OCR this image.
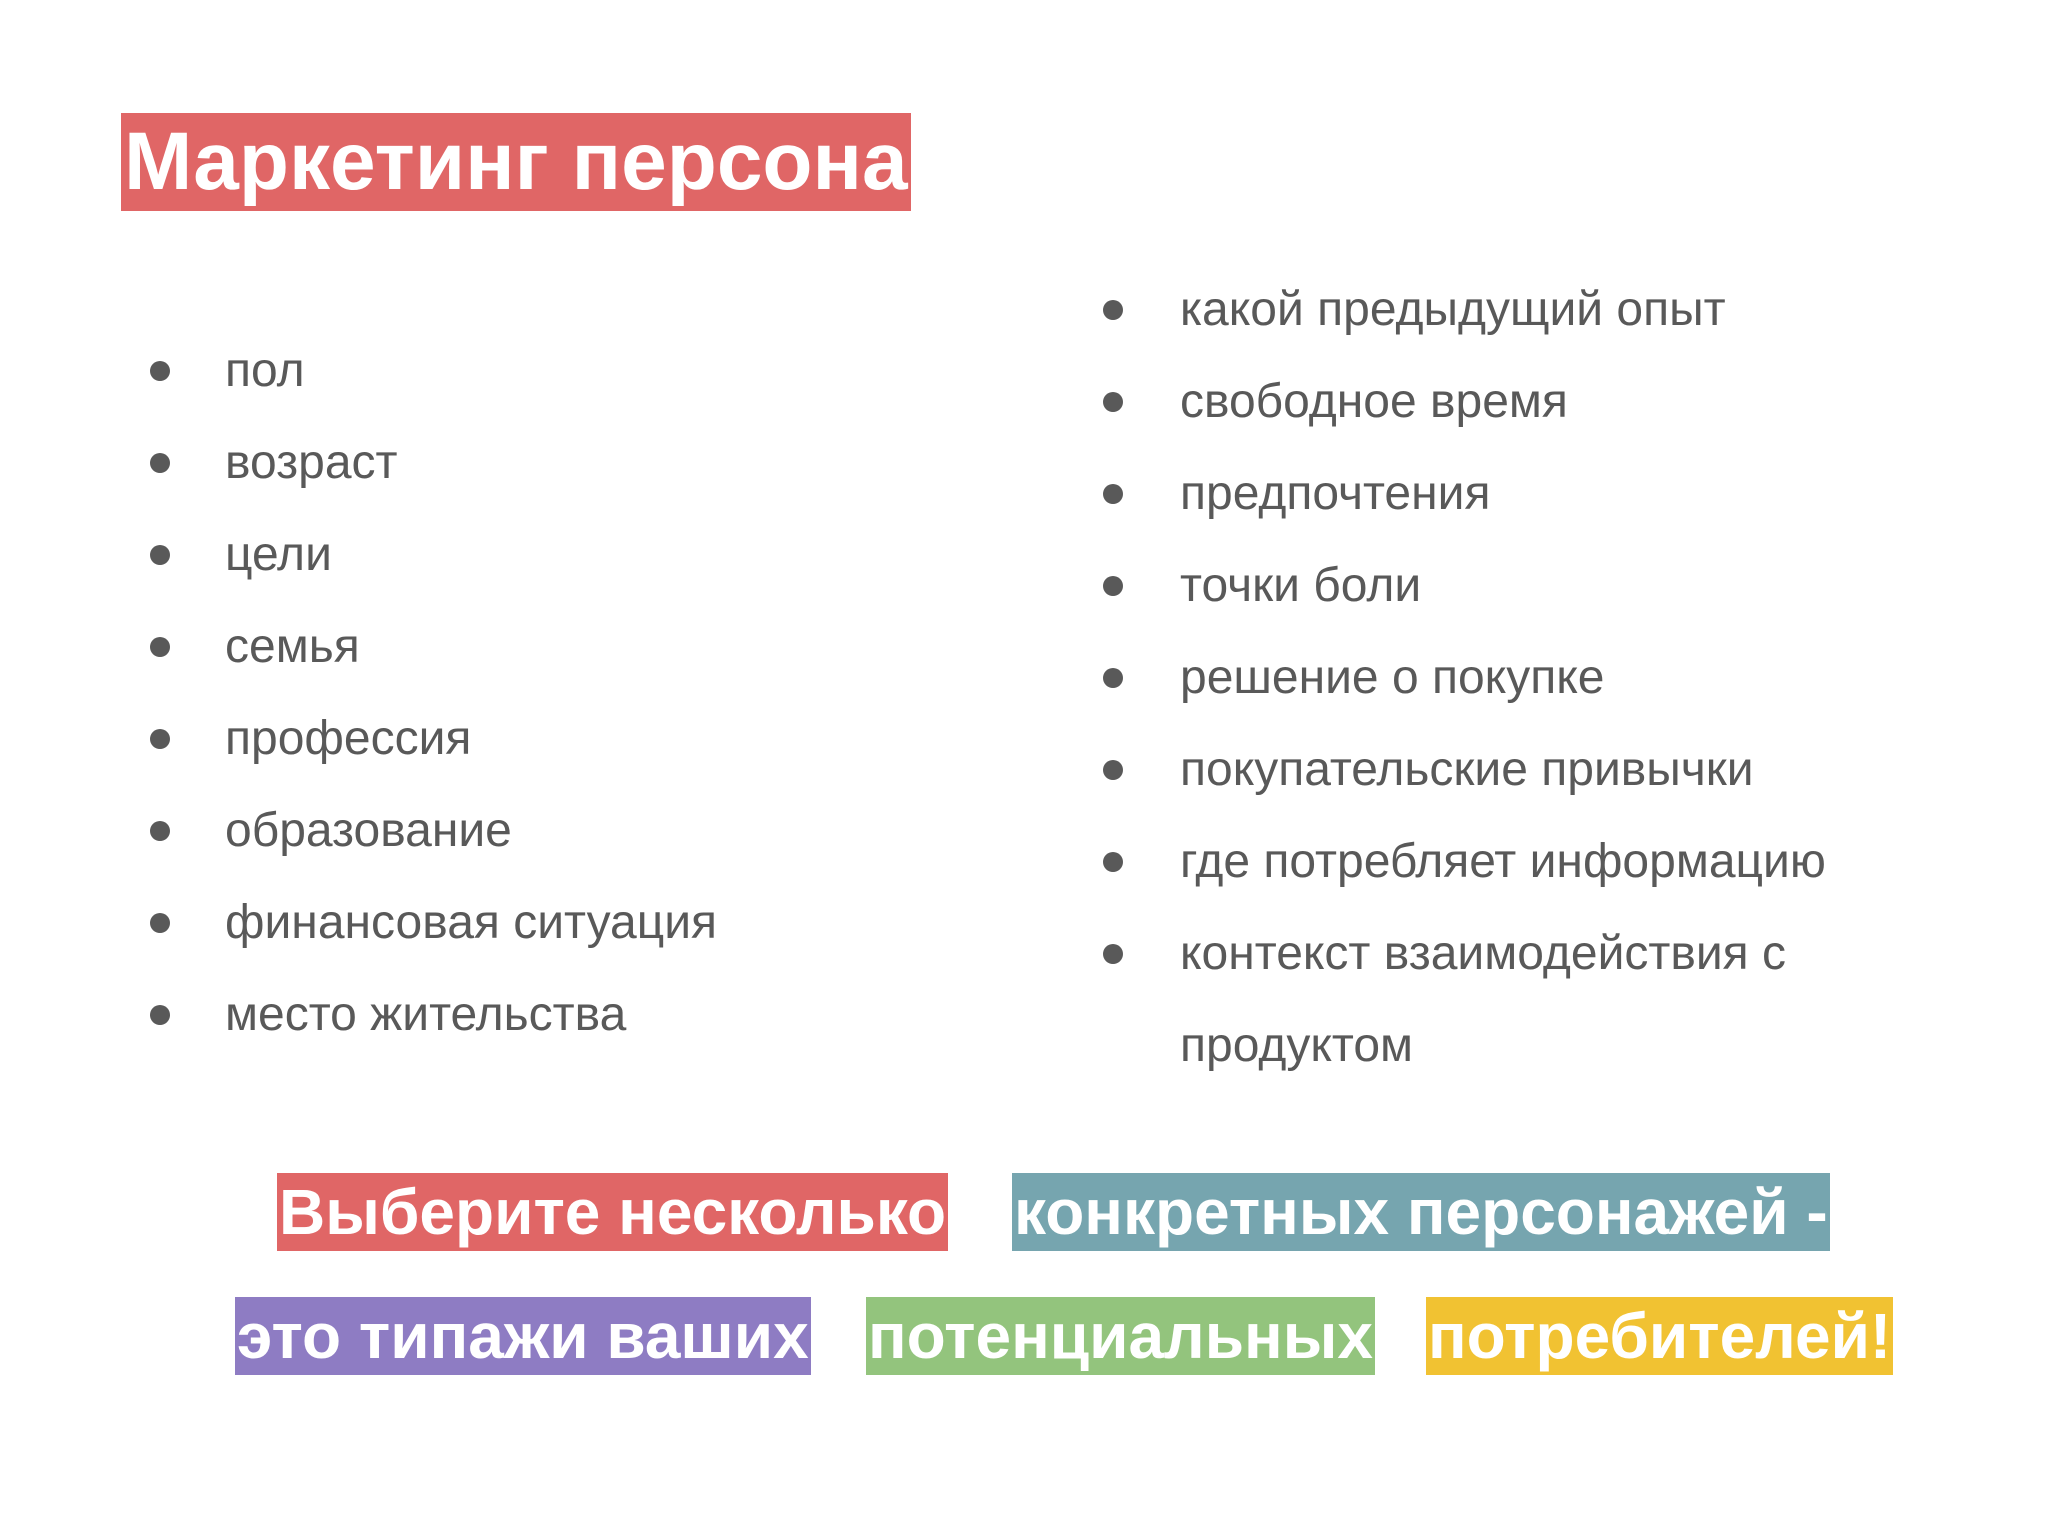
Маркетинг персона
пол
возраст
цели
семья
профессия
образование
финансовая ситуация
место жительства
какой предыдущий опыт
свободное время
предпочтения
точки боли
решение о покупке
покупательские привычки
где потребляет информацию
контекст взаимодействия с продуктом
Выберите несколько конкретных персонажей -
это типажи ваших потенциальных потребителей!
